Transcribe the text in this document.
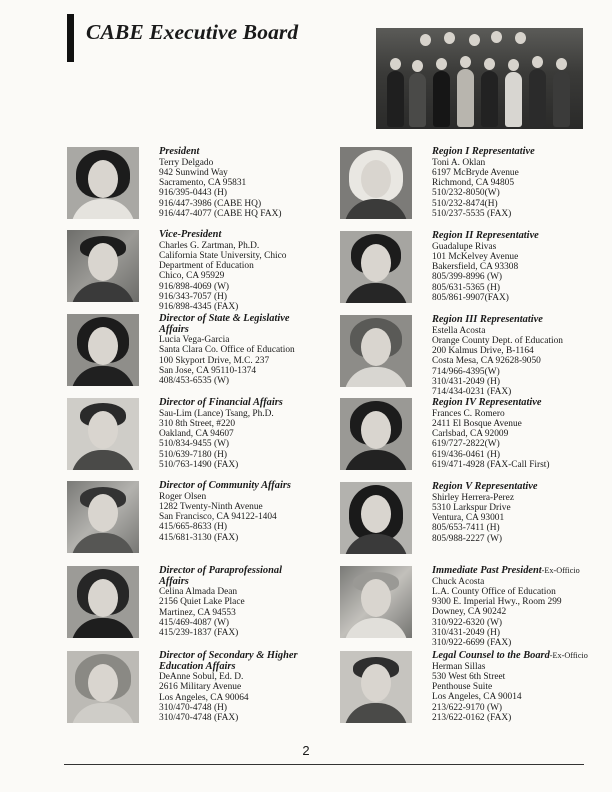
CABE Executive Board
President
Terry Delgado
942 Sunwind Way
Sacramento, CA 95831
916/395-0443 (H)
916/447-3986 (CABE HQ)
916/447-4077 (CABE HQ FAX)
Vice-President
Charles G. Zartman, Ph.D.
California State University, Chico
Department of Education
Chico, CA 95929
916/898-4069 (W)
916/343-7057 (H)
916/898-4345 (FAX)
Director of State & Legislative
Affairs
Lucia Vega-Garcia
Santa Clara Co. Office of Education
100 Skyport Drive, M.C. 237
San Jose, CA 95110-1374
408/453-6535 (W)
Director of Financial Affairs
Sau-Lim (Lance) Tsang, Ph.D.
310 8th Street, #220
Oakland, CA 94607
510/834-9455 (W)
510/639-7180 (H)
510/763-1490 (FAX)
Director of Community Affairs
Roger Olsen
1282 Twenty-Ninth Avenue
San Francisco, CA 94122-1404
415/665-8633 (H)
415/681-3130 (FAX)
Director of Paraprofessional
Affairs
Celina Almada Dean
2156 Quiet Lake Place
Martinez, CA 94553
415/469-4087 (W)
415/239-1837 (FAX)
Director of Secondary & Higher
Education Affairs
DeAnne Sobul, Ed. D.
2616 Military Avenue
Los Angeles, CA 90064
310/470-4748 (H)
310/470-4748 (FAX)
Region I Representative
Toni A. Oklan
6197 McBryde Avenue
Richmond, CA 94805
510/232-8050(W)
510/232-8474(H)
510/237-5535 (FAX)
Region II Representative
Guadalupe Rivas
101 McKelvey Avenue
Bakersfield, CA 93308
805/399-8996 (W)
805/631-5365 (H)
805/861-9907(FAX)
Region III Representative
Estella Acosta
Orange County Dept. of Education
200 Kalmus Drive, B-1164
Costa Mesa, CA 92628-9050
714/966-4395(W)
310/431-2049 (H)
714/434-0231 (FAX)
Region IV Representative
Frances C. Romero
2411 El Bosque Avenue
Carlsbad, CA 92009
619/727-2822(W)
619/436-0461 (H)
619/471-4928 (FAX-Call First)
Region V Representative
Shirley Herrera-Perez
5310 Larkspur Drive
Ventura, CA 93001
805/653-7411 (H)
805/988-2227 (W)
Immediate Past President-Ex-Officio
Chuck Acosta
L.A. County Office of Education
9300 E. Imperial Hwy., Room 299
Downey, CA 90242
310/922-6320 (W)
310/431-2049 (H)
310/922-6699 (FAX)
Legal Counsel to the Board-Ex-Officio
Herman Sillas
530 West 6th Street
Penthouse Suite
Los Angeles, CA 90014
213/622-9170 (W)
213/622-0162 (FAX)
2
